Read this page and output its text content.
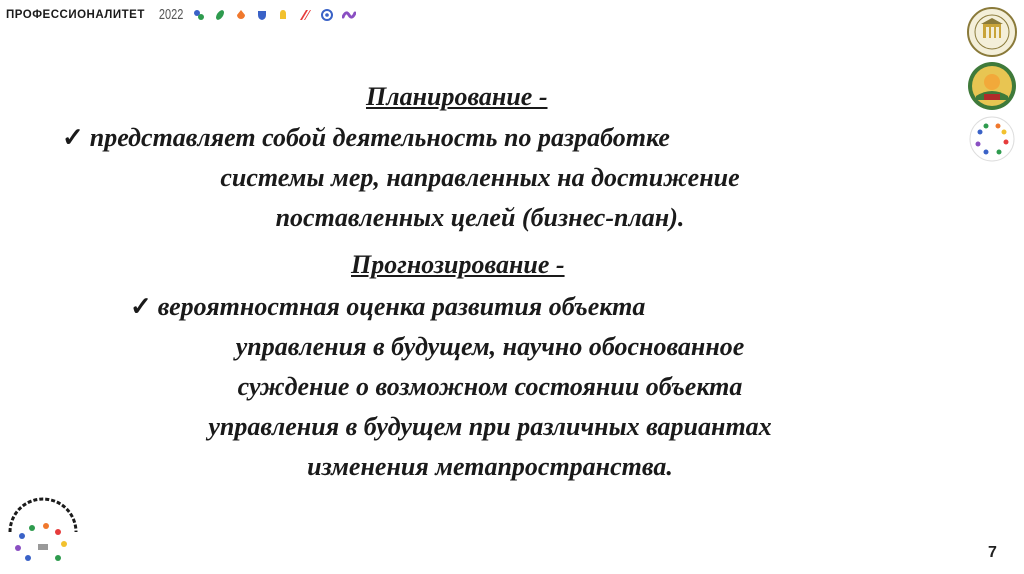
ПРОФЕССИОНАЛИТЕТ 2022

Планирование -

✓ представляет собой деятельность по разработке
системы мер, направленных на достижение
поставленных целей (бизнес-план).

Прогнозирование -

✓ вероятностная оценка развития объекта
управления в будущем, научно обоснованное
суждение о возможном состоянии объекта
управления в будущем при различных вариантах
изменения метапространства.
7
